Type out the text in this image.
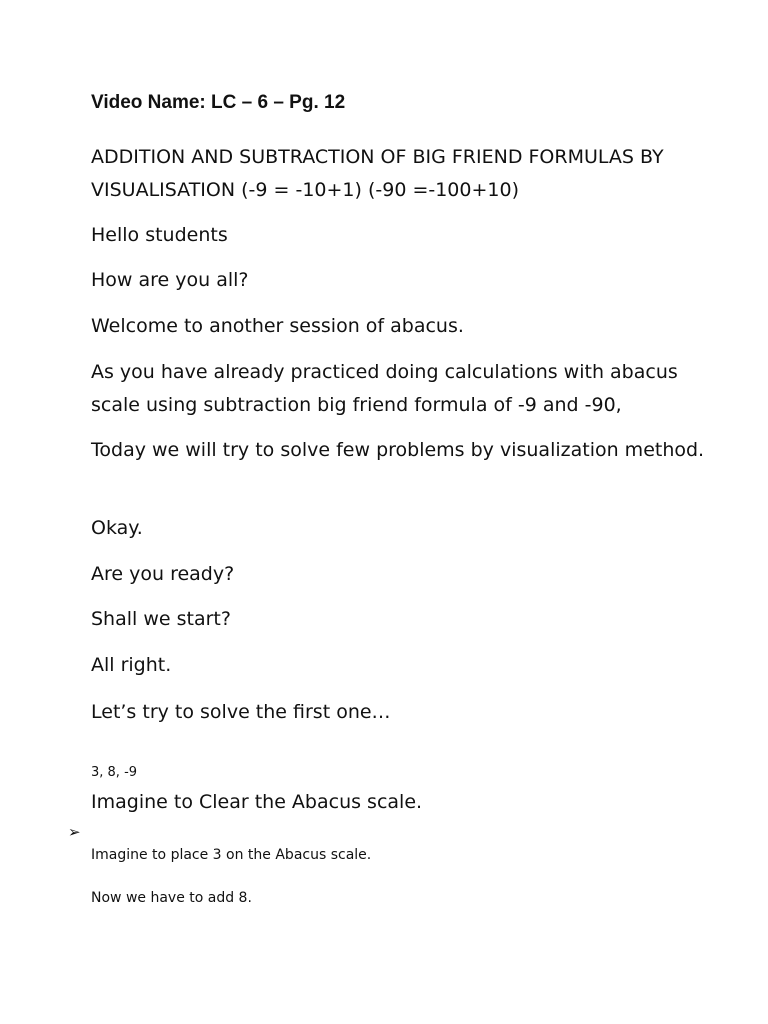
Video Name: LC – 6 – Pg. 12
ADDITION AND SUBTRACTION OF BIG FRIEND FORMULAS BY
VISUALISATION (-9 = -10+1) (-90 =-100+10)
Hello students
How are you all?
Welcome to another session of abacus.
As you have already practiced doing calculations with abacus scale using subtraction big friend formula of -9 and -90,
Today we will try to solve few problems by visualization method.
Okay.
Are you ready?
Shall we start?
All right.
Let’s try to solve the first one…
3, 8, -9
Imagine to Clear the Abacus scale.
➢
Imagine to place 3 on the Abacus scale.
Now we have to add 8.
